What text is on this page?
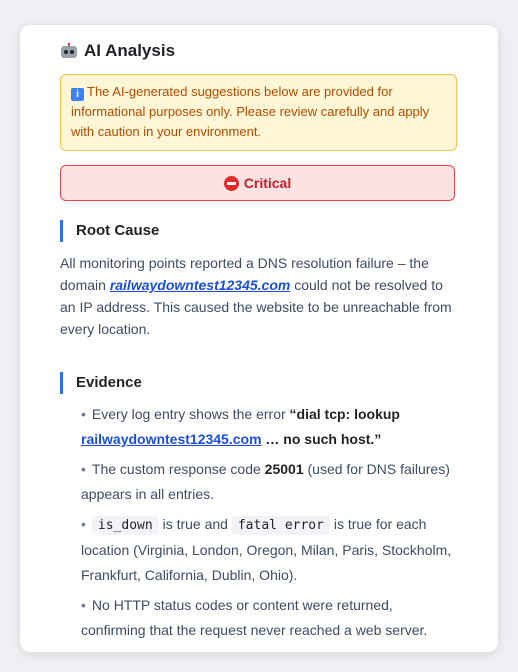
AI Analysis
i The AI-generated suggestions below are provided for informational purposes only. Please review carefully and apply with caution in your environment.
Critical
Root Cause
All monitoring points reported a DNS resolution failure – the domain railwaydowntest12345.com could not be resolved to an IP address. This caused the website to be unreachable from every location.
Evidence
• Every log entry shows the error “dial tcp: lookup railwaydowntest12345.com … no such host.”
• The custom response code 25001 (used for DNS failures) appears in all entries.
• is_down is true and fatal error is true for each location (Virginia, London, Oregon, Milan, Paris, Stockholm, Frankfurt, California, Dublin, Ohio).
• No HTTP status codes or content were returned, confirming that the request never reached a web server.
